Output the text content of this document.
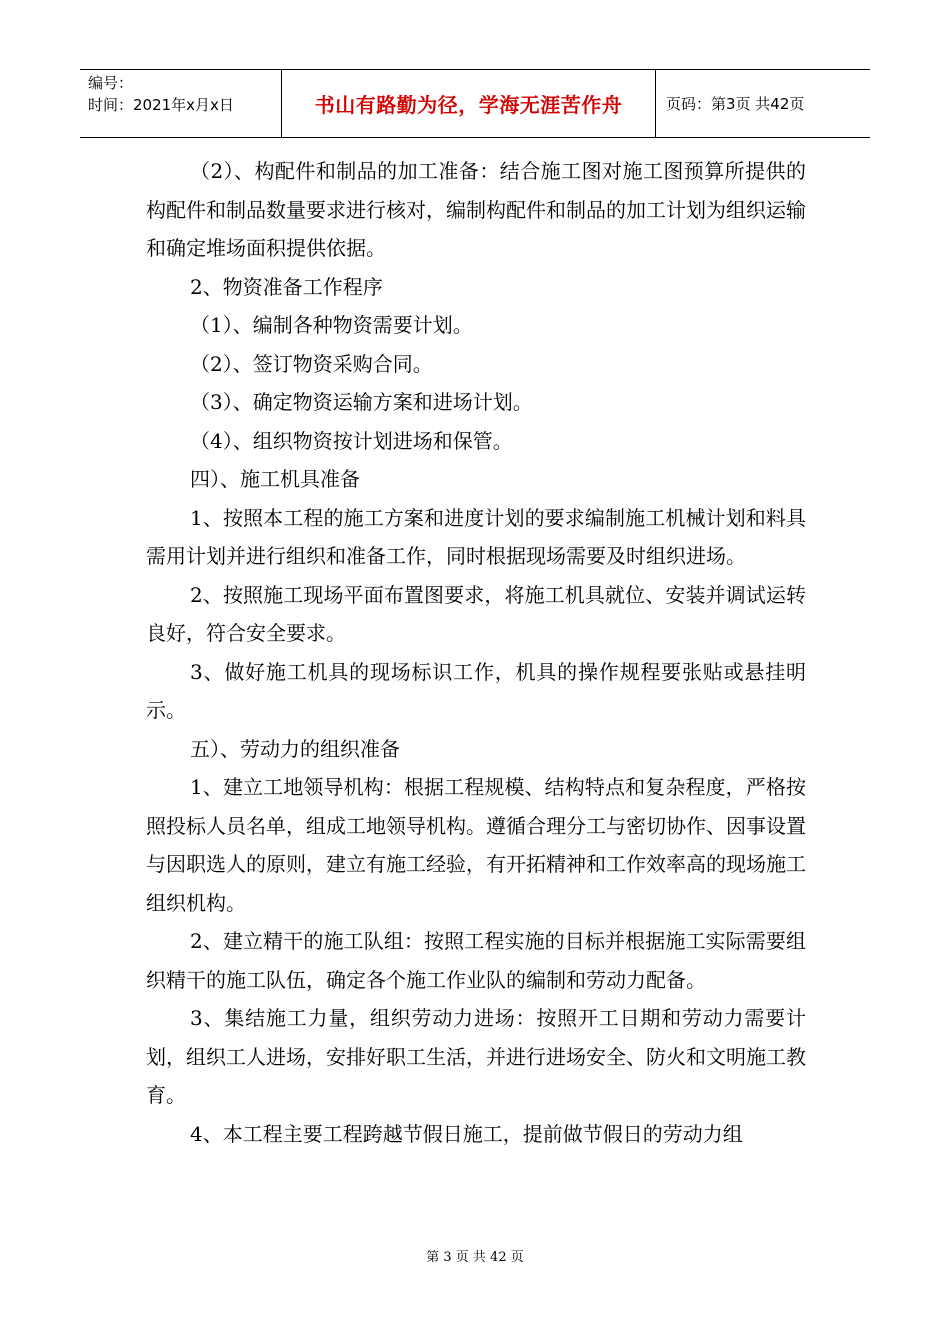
编号：
时间：2021年x月x日	书山有路勤为径，学海无涯苦作舟	页码：第3页 共42页

（2）、构配件和制品的加工准备：结合施工图对施工图预算所提供的构配件和制品数量要求进行核对，编制构配件和制品的加工计划为组织运输和确定堆场面积提供依据。

2、物资准备工作程序

（1）、编制各种物资需要计划。

（2）、签订物资采购合同。

（3）、确定物资运输方案和进场计划。

（4）、组织物资按计划进场和保管。

四）、施工机具准备

1、按照本工程的施工方案和进度计划的要求编制施工机械计划和料具需用计划并进行组织和准备工作，同时根据现场需要及时组织进场。

2、按照施工现场平面布置图要求，将施工机具就位、安装并调试运转良好，符合安全要求。

3、做好施工机具的现场标识工作，机具的操作规程要张贴或悬挂明示。

五）、劳动力的组织准备

1、建立工地领导机构：根据工程规模、结构特点和复杂程度，严格按照投标人员名单，组成工地领导机构。遵循合理分工与密切协作、因事设置与因职选人的原则，建立有施工经验，有开拓精神和工作效率高的现场施工组织机构。

2、建立精干的施工队组：按照工程实施的目标并根据施工实际需要组织精干的施工队伍，确定各个施工作业队的编制和劳动力配备。

3、集结施工力量，组织劳动力进场：按照开工日期和劳动力需要计划，组织工人进场，安排好职工生活，并进行进场安全、防火和文明施工教育。

4、本工程主要工程跨越节假日施工，提前做节假日的劳动力组

第 3 页 共 42 页
